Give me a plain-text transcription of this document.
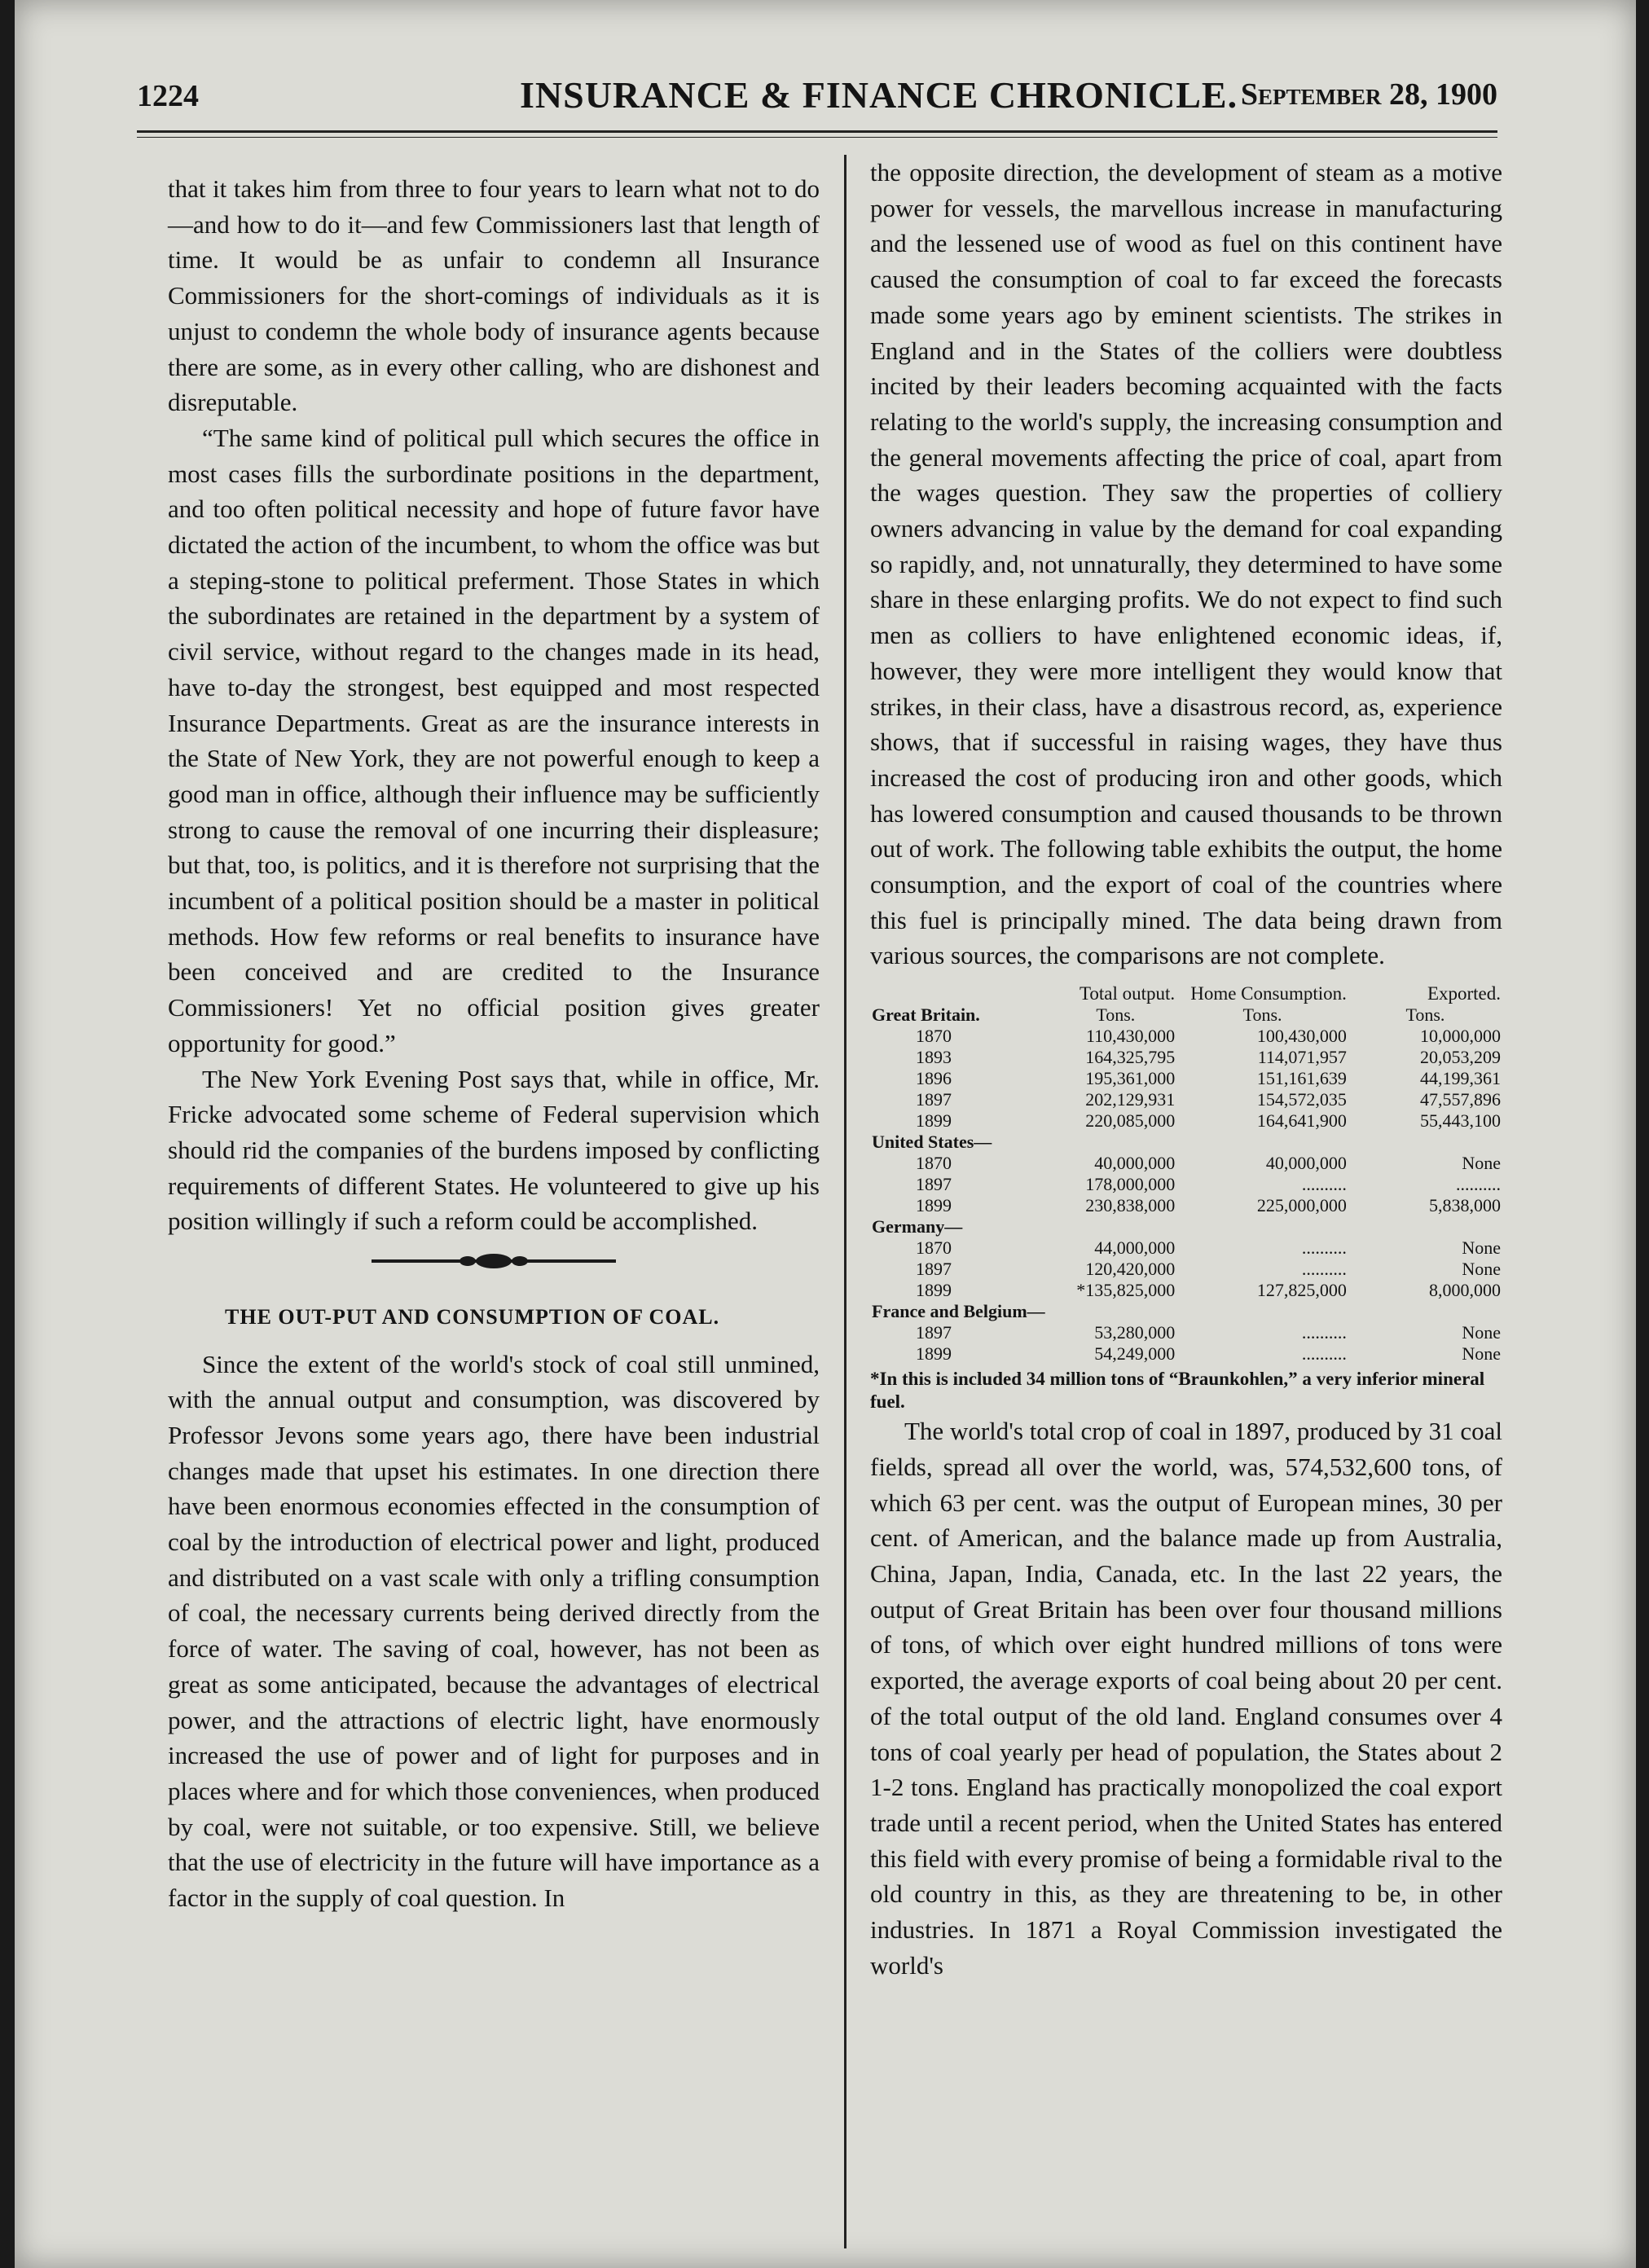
1224	INSURANCE & FINANCE CHRONICLE. September 28, 1900

that it takes him from three to four years to learn what not to do—and how to do it—and few Commissioners last that length of time. It would be as unfair to condemn all Insurance Commissioners for the short-comings of individuals as it is unjust to condemn the whole body of insurance agents because there are some, as in every other calling, who are dishonest and disreputable.

“The same kind of political pull which secures the office in most cases fills the surbordinate positions in the department, and too often political necessity and hope of future favor have dictated the action of the incumbent, to whom the office was but a steping-stone to political preferment. Those States in which the subordinates are retained in the department by a system of civil service, without regard to the changes made in its head, have to-day the strongest, best equipped and most respected Insurance Departments. Great as are the insurance interests in the State of New York, they are not powerful enough to keep a good man in office, although their influence may be sufficiently strong to cause the removal of one incurring their displeasure; but that, too, is politics, and it is therefore not surprising that the incumbent of a political position should be a master in political methods. How few reforms or real benefits to insurance have been conceived and are credited to the Insurance Commissioners! Yet no official position gives greater opportunity for good.”

The New York Evening Post says that, while in office, Mr. Fricke advocated some scheme of Federal supervision which should rid the companies of the burdens imposed by conflicting requirements of different States. He volunteered to give up his position willingly if such a reform could be accomplished.

THE OUT-PUT AND CONSUMPTION OF COAL.

Since the extent of the world's stock of coal still unmined, with the annual output and consumption, was discovered by Professor Jevons some years ago, there have been industrial changes made that upset his estimates. In one direction there have been enormous economies effected in the consumption of coal by the introduction of electrical power and light, produced and distributed on a vast scale with only a trifling consumption of coal, the necessary currents being derived directly from the force of water. The saving of coal, however, has not been as great as some anticipated, because the advantages of electrical power, and the attractions of electric light, have enormously increased the use of power and of light for purposes and in places where and for which those conveniences, when produced by coal, were not suitable, or too expensive. Still, we believe that the use of electricity in the future will have importance as a factor in the supply of coal question. In

the opposite direction, the development of steam as a motive power for vessels, the marvellous increase in manufacturing and the lessened use of wood as fuel on this continent have caused the consumption of coal to far exceed the forecasts made some years ago by eminent scientists. The strikes in England and in the States of the colliers were doubtless incited by their leaders becoming acquainted with the facts relating to the world's supply, the increasing consumption and the general movements affecting the price of coal, apart from the wages question. They saw the properties of colliery owners advancing in value by the demand for coal expanding so rapidly, and, not unnaturally, they determined to have some share in these enlarging profits. We do not expect to find such men as colliers to have enlightened economic ideas, if, however, they were more intelligent they would know that strikes, in their class, have a disastrous record, as, experience shows, that if successful in raising wages, they have thus increased the cost of producing iron and other goods, which has lowered consumption and caused thousands to be thrown out of work. The following table exhibits the output, the home consumption, and the export of coal of the countries where this fuel is principally mined. The data being drawn from various sources, the comparisons are not complete.

	Total output.	Home Consumption.	Exported.
Great Britain.	Tons.	Tons.	Tons.
1870	110,430,000	100,430,000	10,000,000
1893	164,325,795	114,071,957	20,053,209
1896	195,361,000	151,161,639	44,199,361
1897	202,129,931	154,572,035	47,557,896
1899	220,085,000	164,641,900	55,443,100
United States—			
1870	40,000,000	40,000,000	None
1897	178,000,000	..........	..........
1899	230,838,000	225,000,000	5,838,000
Germany—			
1870	44,000,000	..........	None
1897	120,420,000	..........	None
1899	*135,825,000	127,825,000	8,000,000
France and Belgium—			
1897	53,280,000	..........	None
1899	54,249,000	..........	None

*In this is included 34 million tons of “Braunkohlen,” a very inferior mineral fuel.

The world's total crop of coal in 1897, produced by 31 coal fields, spread all over the world, was, 574,532,600 tons, of which 63 per cent. was the output of European mines, 30 per cent. of American, and the balance made up from Australia, China, Japan, India, Canada, etc. In the last 22 years, the output of Great Britain has been over four thousand millions of tons, of which over eight hundred millions of tons were exported, the average exports of coal being about 20 per cent. of the total output of the old land. England consumes over 4 tons of coal yearly per head of population, the States about 2 1-2 tons. England has practically monopolized the coal export trade until a recent period, when the United States has entered this field with every promise of being a formidable rival to the old country in this, as they are threatening to be, in other industries. In 1871 a Royal Commission investigated the world's
